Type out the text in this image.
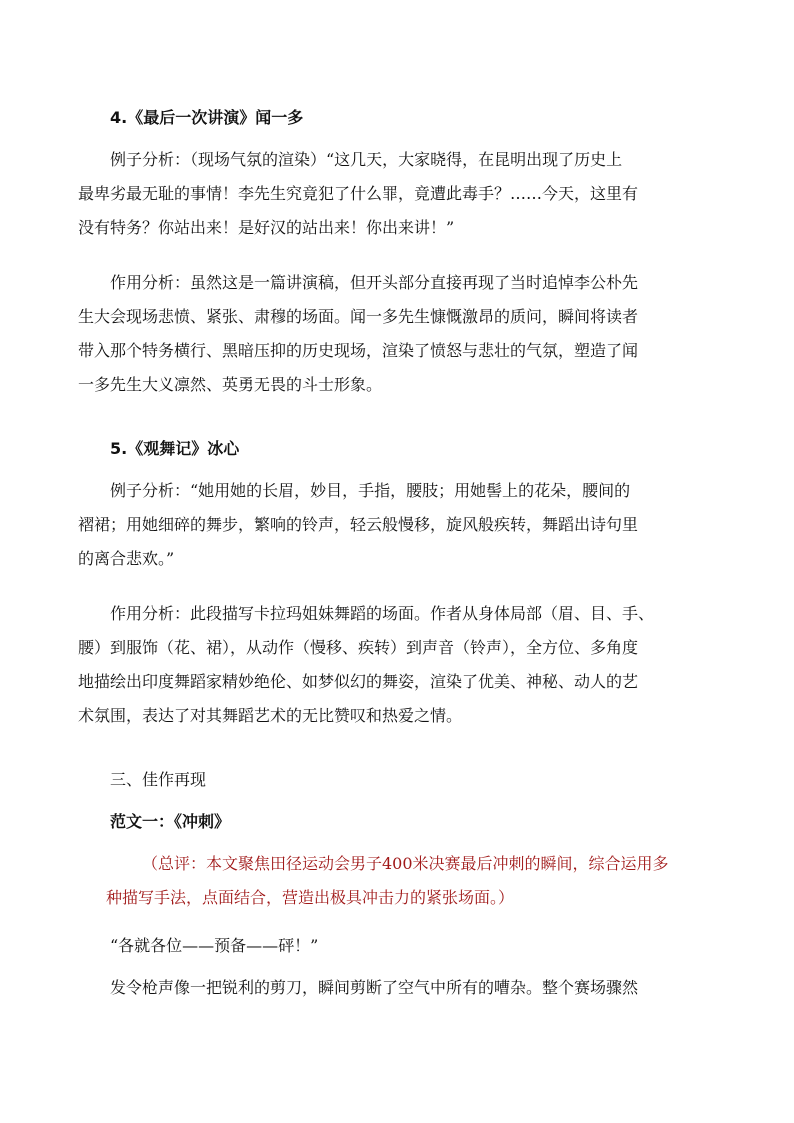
4.《最后一次讲演》闻一多
例子分析：（现场气氛的渲染）“这几天，大家晓得，在昆明出现了历史上
最卑劣最无耻的事情！李先生究竟犯了什么罪，竟遭此毒手？……今天，这里有
没有特务？你站出来！是好汉的站出来！你出来讲！”
作用分析：虽然这是一篇讲演稿，但开头部分直接再现了当时追悼李公朴先
生大会现场悲愤、紧张、肃穆的场面。闻一多先生慷慨激昂的质问，瞬间将读者
带入那个特务横行、黑暗压抑的历史现场，渲染了愤怒与悲壮的气氛，塑造了闻
一多先生大义凛然、英勇无畏的斗士形象。
5.《观舞记》冰心
例子分析：“她用她的长眉，妙目，手指，腰肢；用她髻上的花朵，腰间的
褶裙；用她细碎的舞步，繁响的铃声，轻云般慢移，旋风般疾转，舞蹈出诗句里
的离合悲欢。”
作用分析：此段描写卡拉玛姐妹舞蹈的场面。作者从身体局部（眉、目、手、
腰）到服饰（花、裙），从动作（慢移、疾转）到声音（铃声），全方位、多角度
地描绘出印度舞蹈家精妙绝伦、如梦似幻的舞姿，渲染了优美、神秘、动人的艺
术氛围，表达了对其舞蹈艺术的无比赞叹和热爱之情。
三、佳作再现
范文一：《冲刺》
（总评：本文聚焦田径运动会男子400米决赛最后冲刺的瞬间，综合运用多
种描写手法，点面结合，营造出极具冲击力的紧张场面。）
“各就各位——预备——砰！”
发令枪声像一把锐利的剪刀，瞬间剪断了空气中所有的嘈杂。整个赛场骤然
